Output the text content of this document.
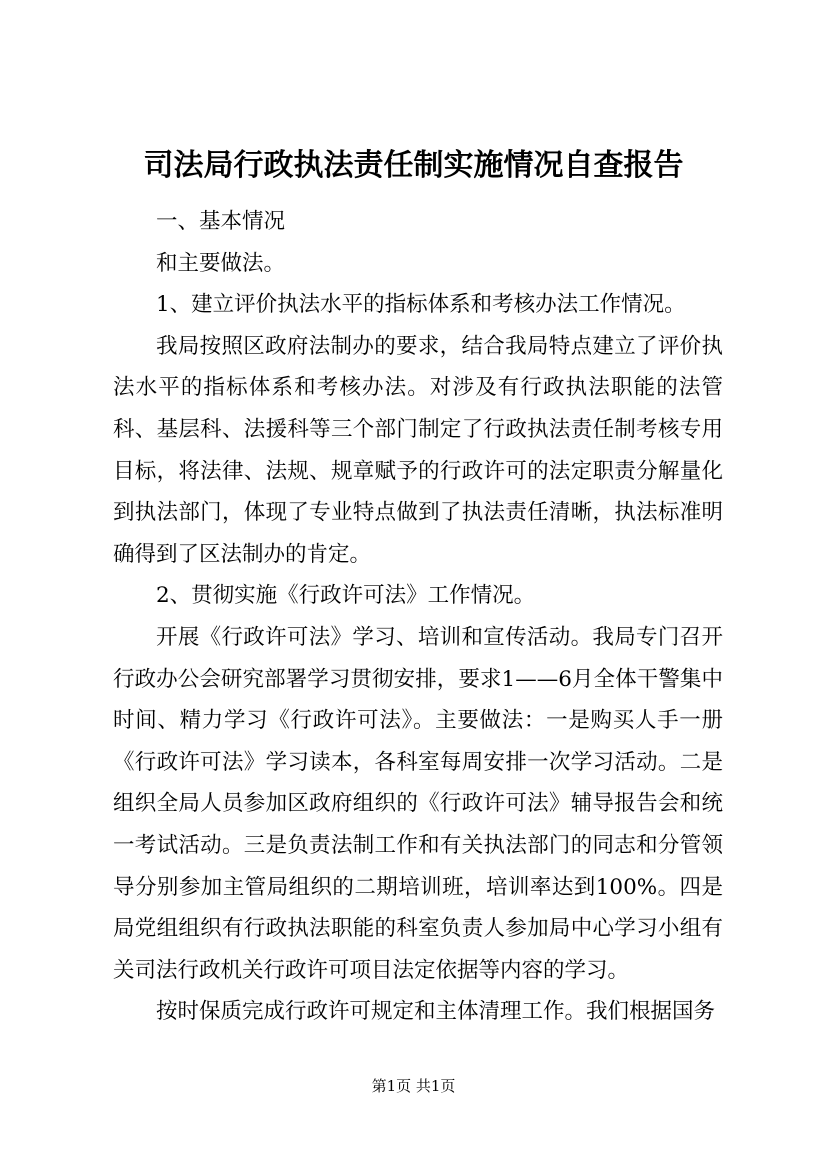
司法局行政执法责任制实施情况自查报告

一、基本情况

和主要做法。

1、建立评价执法水平的指标体系和考核办法工作情况。

我局按照区政府法制办的要求，结合我局特点建立了评价执法水平的指标体系和考核办法。对涉及有行政执法职能的法管科、基层科、法援科等三个部门制定了行政执法责任制考核专用目标，将法律、法规、规章赋予的行政许可的法定职责分解量化到执法部门，体现了专业特点做到了执法责任清晰，执法标准明确得到了区法制办的肯定。

2、贯彻实施《行政许可法》工作情况。

开展《行政许可法》学习、培训和宣传活动。我局专门召开行政办公会研究部署学习贯彻安排，要求1——6月全体干警集中时间、精力学习《行政许可法》。主要做法：一是购买人手一册《行政许可法》学习读本，各科室每周安排一次学习活动。二是组织全局人员参加区政府组织的《行政许可法》辅导报告会和统一考试活动。三是负责法制工作和有关执法部门的同志和分管领导分别参加主管局组织的二期培训班，培训率达到100%。四是局党组组织有行政执法职能的科室负责人参加局中心学习小组有关司法行政机关行政许可项目法定依据等内容的学习。

按时保质完成行政许可规定和主体清理工作。我们根据国务

第1页 共1页
